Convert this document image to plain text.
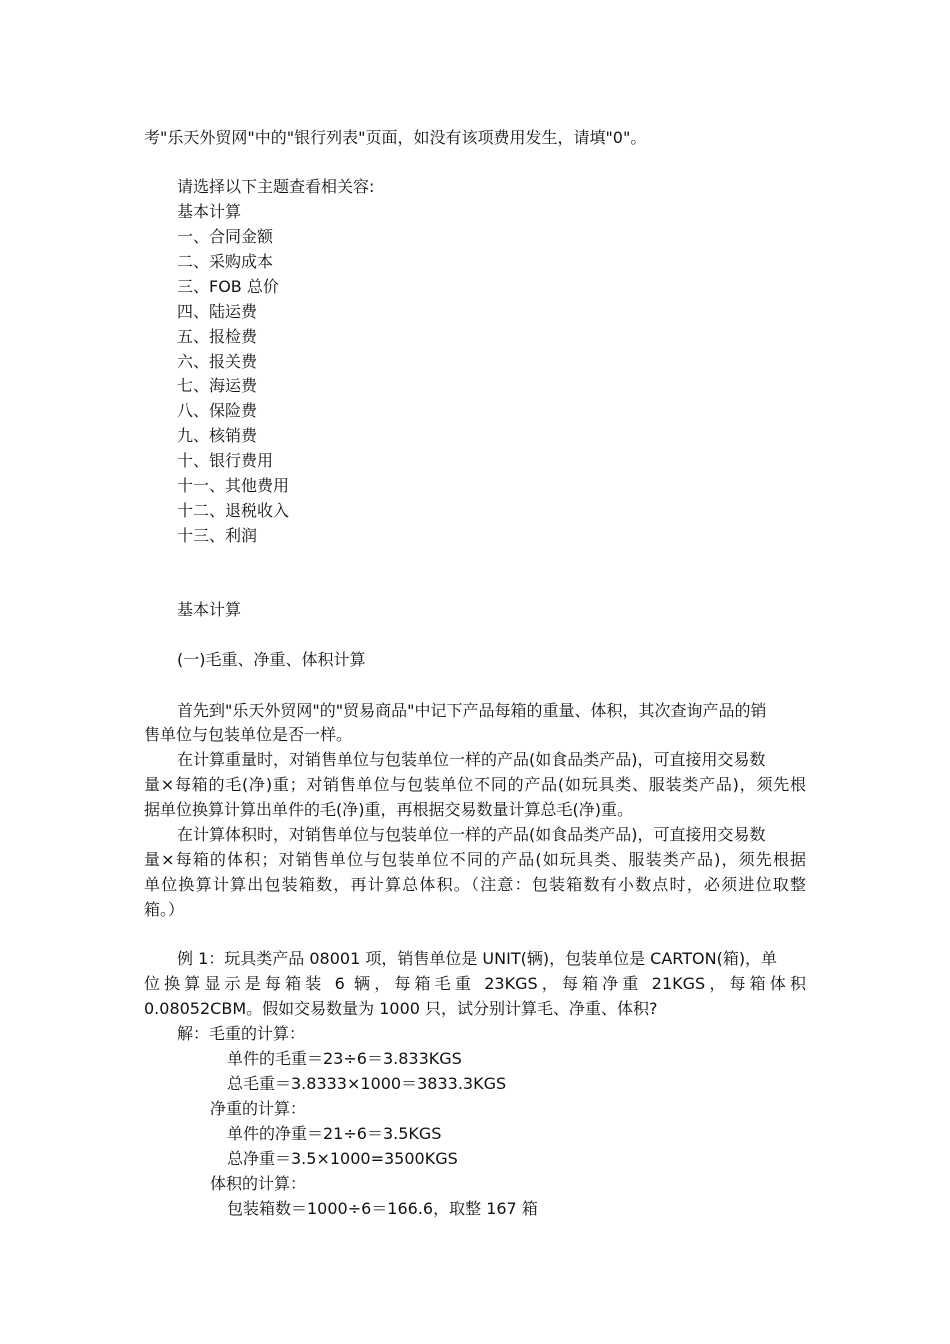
考"乐天外贸网"中的"银行列表"页面，如没有该项费用发生，请填"0"。
请选择以下主题查看相关容:
基本计算
一、合同金额
二、采购成本
三、FOB 总价
四、陆运费
五、报检费
六、报关费
七、海运费
八、保险费
九、核销费
十、银行费用
十一、其他费用
十二、退税收入
十三、利润
基本计算
(一)毛重、净重、体积计算
首先到"乐天外贸网"的"贸易商品"中记下产品每箱的重量、体积，其次查询产品的销
售单位与包装单位是否一样。
在计算重量时，对销售单位与包装单位一样的产品(如食品类产品)，可直接用交易数
量×每箱的毛(净)重；对销售单位与包装单位不同的产品(如玩具类、服装类产品)，须先根
据单位换算计算出单件的毛(净)重，再根据交易数量计算总毛(净)重。
在计算体积时，对销售单位与包装单位一样的产品(如食品类产品)，可直接用交易数
量×每箱的体积；对销售单位与包装单位不同的产品(如玩具类、服装类产品)，须先根据
单位换算计算出包装箱数，再计算总体积。（注意：包装箱数有小数点时，必须进位取整
箱。）
例 1：玩具类产品 08001 项，销售单位是 UNIT(辆)，包装单位是 CARTON(箱)，单
位换算显示是每箱装 6 辆，每箱毛重 23KGS，每箱净重 21KGS，每箱体积
0.08052CBM。假如交易数量为 1000 只，试分别计算毛、净重、体积?
解：毛重的计算：
单件的毛重＝23÷6＝3.833KGS
总毛重＝3.8333×1000＝3833.3KGS
净重的计算：
单件的净重＝21÷6＝3.5KGS
总净重＝3.5×1000=3500KGS
体积的计算：
包装箱数＝1000÷6＝166.6，取整 167 箱
